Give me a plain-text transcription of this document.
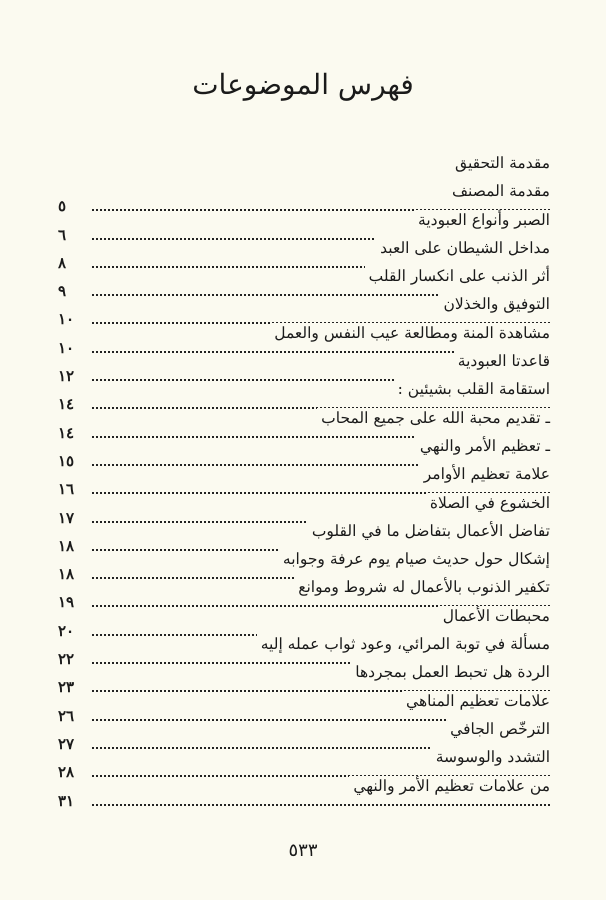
فهرس الموضوعات
مقدمة التحقيق
مقدمة المصنف
٥
الصبر وأنواع العبودية
٦
مداخل الشيطان على العبد
٨
أثر الذنب على انكسار القلب
٩
التوفيق والخذلان
١٠
مشاهدة المنة ومطالعة عيب النفس والعمل
١٠
قاعدتا العبودية
١٢
استقامة القلب بشيئين :
١٤
ـ تقديم محبة الله على جميع المحاب
١٤
ـ تعظيم الأمر والنهي
١٥
علامة تعظيم الأوامر
١٦
الخشوع في الصلاة
١٧
تفاضل الأعمال بتفاضل ما في القلوب
١٨
إشكال حول حديث صيام يوم عرفة وجوابه
١٨
تكفير الذنوب بالأعمال له شروط وموانع
١٩
محبطات الأعمال
٢٠
مسألة في توبة المرائي، وعود ثواب عمله إليه
٢٢
الردة هل تحبط العمل بمجردها
٢٣
علامات تعظيم المناهي
٢٦
الترخّص الجافي
٢٧
التشدد والوسوسة
٢٨
من علامات تعظيم الأمر والنهي
٣١
٥٣٣
